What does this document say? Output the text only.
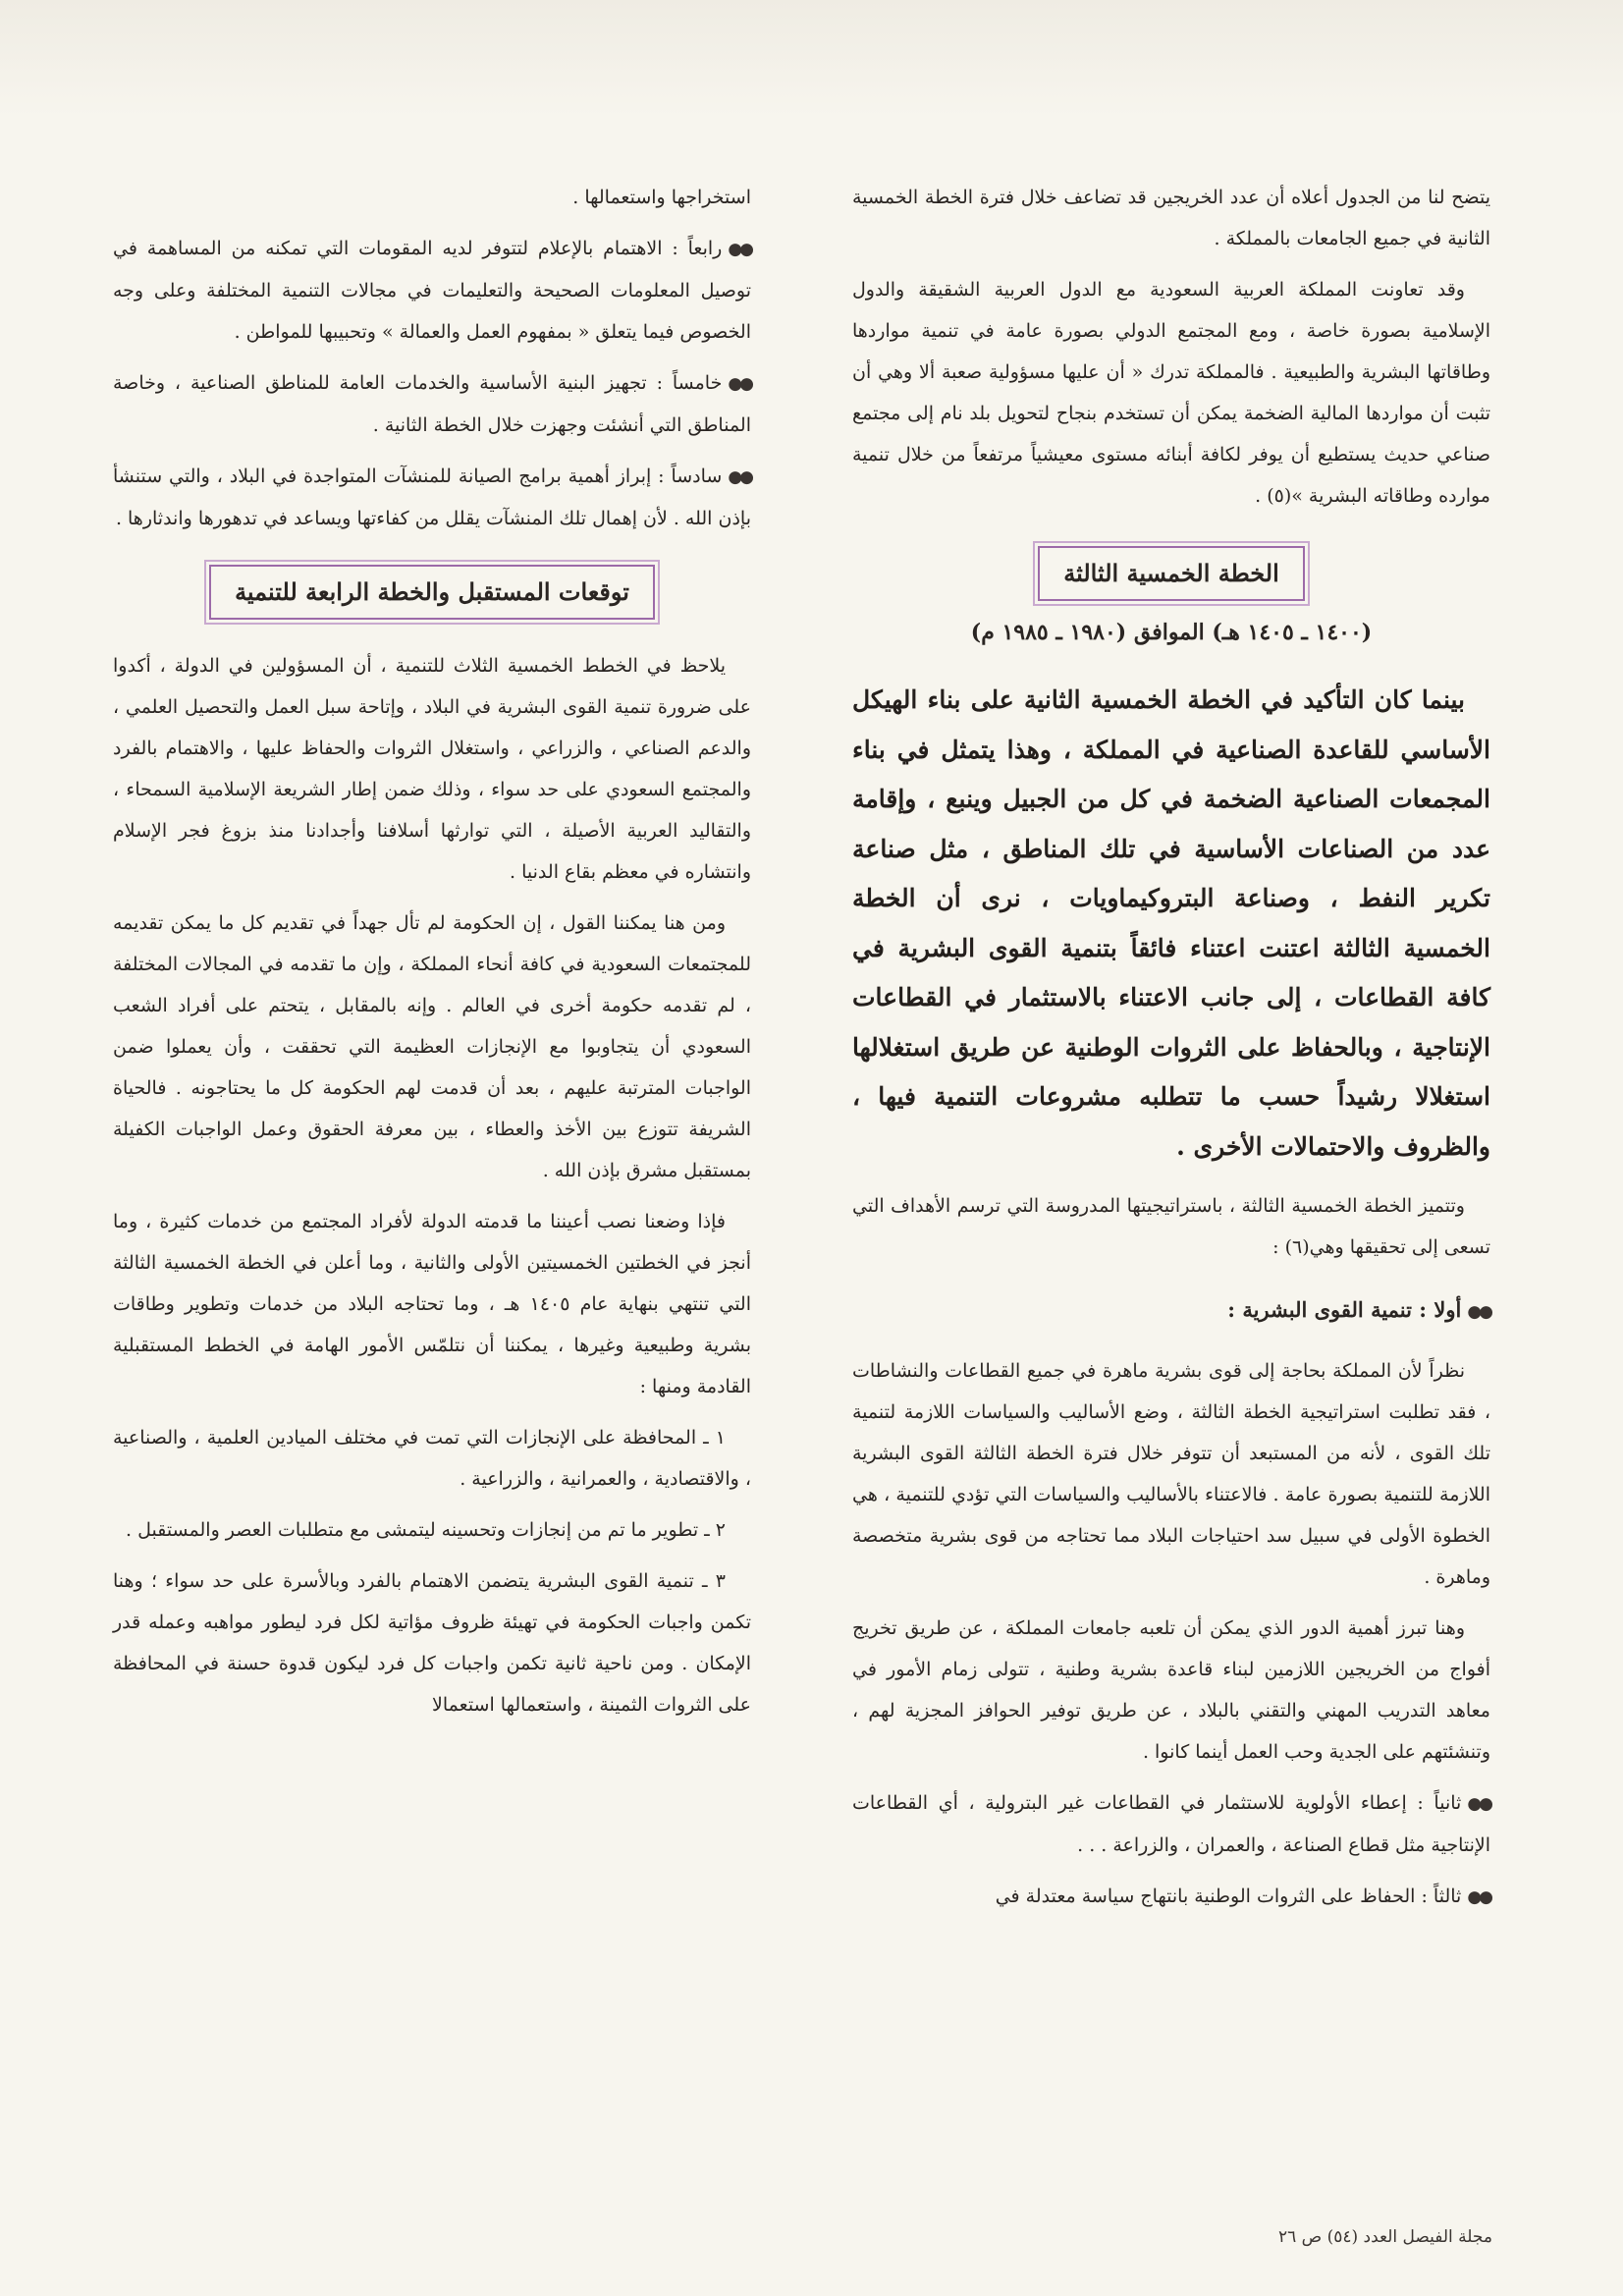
يتضح لنا من الجدول أعلاه أن عدد الخريجين قد تضاعف خلال فترة الخطة الخمسية الثانية في جميع الجامعات بالمملكة .

وقد تعاونت المملكة العربية السعودية مع الدول العربية الشقيقة والدول الإسلامية بصورة خاصة ، ومع المجتمع الدولي بصورة عامة في تنمية مواردها وطاقاتها البشرية والطبيعية . فالمملكة تدرك « أن عليها مسؤولية صعبة ألا وهي أن تثبت أن مواردها المالية الضخمة يمكن أن تستخدم بنجاح لتحويل بلد نام إلى مجتمع صناعي حديث يستطيع أن يوفر لكافة أبنائه مستوى معيشياً مرتفعاً من خلال تنمية موارده وطاقاته البشرية »(٥) .

الخطة الخمسية الثالثة
(١٤٠٠ ـ ١٤٠٥ هـ) الموافق (١٩٨٠ ـ ١٩٨٥ م)

بينما كان التأكيد في الخطة الخمسية الثانية على بناء الهيكل الأساسي للقاعدة الصناعية في المملكة ، وهذا يتمثل في بناء المجمعات الصناعية الضخمة في كل من الجبيل وينبع ، وإقامة عدد من الصناعات الأساسية في تلك المناطق ، مثل صناعة تكرير النفط ، وصناعة البتروكيماويات ، نرى أن الخطة الخمسية الثالثة اعتنت اعتناء فائقاً بتنمية القوى البشرية في كافة القطاعات ، إلى جانب الاعتناء بالاستثمار في القطاعات الإنتاجية ، وبالحفاظ على الثروات الوطنية عن طريق استغلالها استغلالا رشيداً حسب ما تتطلبه مشروعات التنمية فيها ، والظروف والاحتمالات الأخرى .

وتتميز الخطة الخمسية الثالثة ، باستراتيجيتها المدروسة التي ترسم الأهداف التي تسعى إلى تحقيقها وهي(٦) :

●●أولا : تنمية القوى البشرية :

نظراً لأن المملكة بحاجة إلى قوى بشرية ماهرة في جميع القطاعات والنشاطات ، فقد تطلبت استراتيجية الخطة الثالثة ، وضع الأساليب والسياسات اللازمة لتنمية تلك القوى ، لأنه من المستبعد أن تتوفر خلال فترة الخطة الثالثة القوى البشرية اللازمة للتنمية بصورة عامة . فالاعتناء بالأساليب والسياسات التي تؤدي للتنمية ، هي الخطوة الأولى في سبيل سد احتياجات البلاد مما تحتاجه من قوى بشرية متخصصة وماهرة .

وهنا تبرز أهمية الدور الذي يمكن أن تلعبه جامعات المملكة ، عن طريق تخريج أفواج من الخريجين اللازمين لبناء قاعدة بشرية وطنية ، تتولى زمام الأمور في معاهد التدريب المهني والتقني بالبلاد ، عن طريق توفير الحوافز المجزية لهم ، وتنشئتهم على الجدية وحب العمل أينما كانوا .

●●ثانياً : إعطاء الأولوية للاستثمار في القطاعات غير البترولية ، أي القطاعات الإنتاجية مثل قطاع الصناعة ، والعمران ، والزراعة . . .

●●ثالثاً : الحفاظ على الثروات الوطنية بانتهاج سياسة معتدلة في

استخراجها واستعمالها .

●●رابعاً : الاهتمام بالإعلام لتتوفر لديه المقومات التي تمكنه من المساهمة في توصيل المعلومات الصحيحة والتعليمات في مجالات التنمية المختلفة وعلى وجه الخصوص فيما يتعلق « بمفهوم العمل والعمالة » وتحبيبها للمواطن .

●●خامساً : تجهيز البنية الأساسية والخدمات العامة للمناطق الصناعية ، وخاصة المناطق التي أنشئت وجهزت خلال الخطة الثانية .

●●سادساً : إبراز أهمية برامج الصيانة للمنشآت المتواجدة في البلاد ، والتي ستنشأ بإذن الله . لأن إهمال تلك المنشآت يقلل من كفاءتها ويساعد في تدهورها واندثارها .

توقعات المستقبل والخطة الرابعة للتنمية

يلاحظ في الخطط الخمسية الثلاث للتنمية ، أن المسؤولين في الدولة ، أكدوا على ضرورة تنمية القوى البشرية في البلاد ، وإتاحة سبل العمل والتحصيل العلمي ، والدعم الصناعي ، والزراعي ، واستغلال الثروات والحفاظ عليها ، والاهتمام بالفرد والمجتمع السعودي على حد سواء ، وذلك ضمن إطار الشريعة الإسلامية السمحاء ، والتقاليد العربية الأصيلة ، التي توارثها أسلافنا وأجدادنا منذ بزوغ فجر الإسلام وانتشاره في معظم بقاع الدنيا .

ومن هنا يمكننا القول ، إن الحكومة لم تأل جهداً في تقديم كل ما يمكن تقديمه للمجتمعات السعودية في كافة أنحاء المملكة ، وإن ما تقدمه في المجالات المختلفة ، لم تقدمه حكومة أخرى في العالم . وإنه بالمقابل ، يتحتم على أفراد الشعب السعودي أن يتجاوبوا مع الإنجازات العظيمة التي تحققت ، وأن يعملوا ضمن الواجبات المترتبة عليهم ، بعد أن قدمت لهم الحكومة كل ما يحتاجونه . فالحياة الشريفة تتوزع بين الأخذ والعطاء ، بين معرفة الحقوق وعمل الواجبات الكفيلة بمستقبل مشرق بإذن الله .

فإذا وضعنا نصب أعيننا ما قدمته الدولة لأفراد المجتمع من خدمات كثيرة ، وما أنجز في الخطتين الخمسيتين الأولى والثانية ، وما أعلن في الخطة الخمسية الثالثة التي تنتهي بنهاية عام ١٤٠٥ هـ ، وما تحتاجه البلاد من خدمات وتطوير وطاقات بشرية وطبيعية وغيرها ، يمكننا أن نتلمّس الأمور الهامة في الخطط المستقبلية القادمة ومنها :

١ ـ المحافظة على الإنجازات التي تمت في مختلف الميادين العلمية ، والصناعية ، والاقتصادية ، والعمرانية ، والزراعية .

٢ ـ تطوير ما تم من إنجازات وتحسينه ليتمشى مع متطلبات العصر والمستقبل .

٣ ـ تنمية القوى البشرية يتضمن الاهتمام بالفرد وبالأسرة على حد سواء ؛ وهنا تكمن واجبات الحكومة في تهيئة ظروف مؤاتية لكل فرد ليطور مواهبه وعمله قدر الإمكان . ومن ناحية ثانية تكمن واجبات كل فرد ليكون قدوة حسنة في المحافظة على الثروات الثمينة ، واستعمالها استعمالا

مجلة الفيصل العدد (٥٤) ص ٢٦
